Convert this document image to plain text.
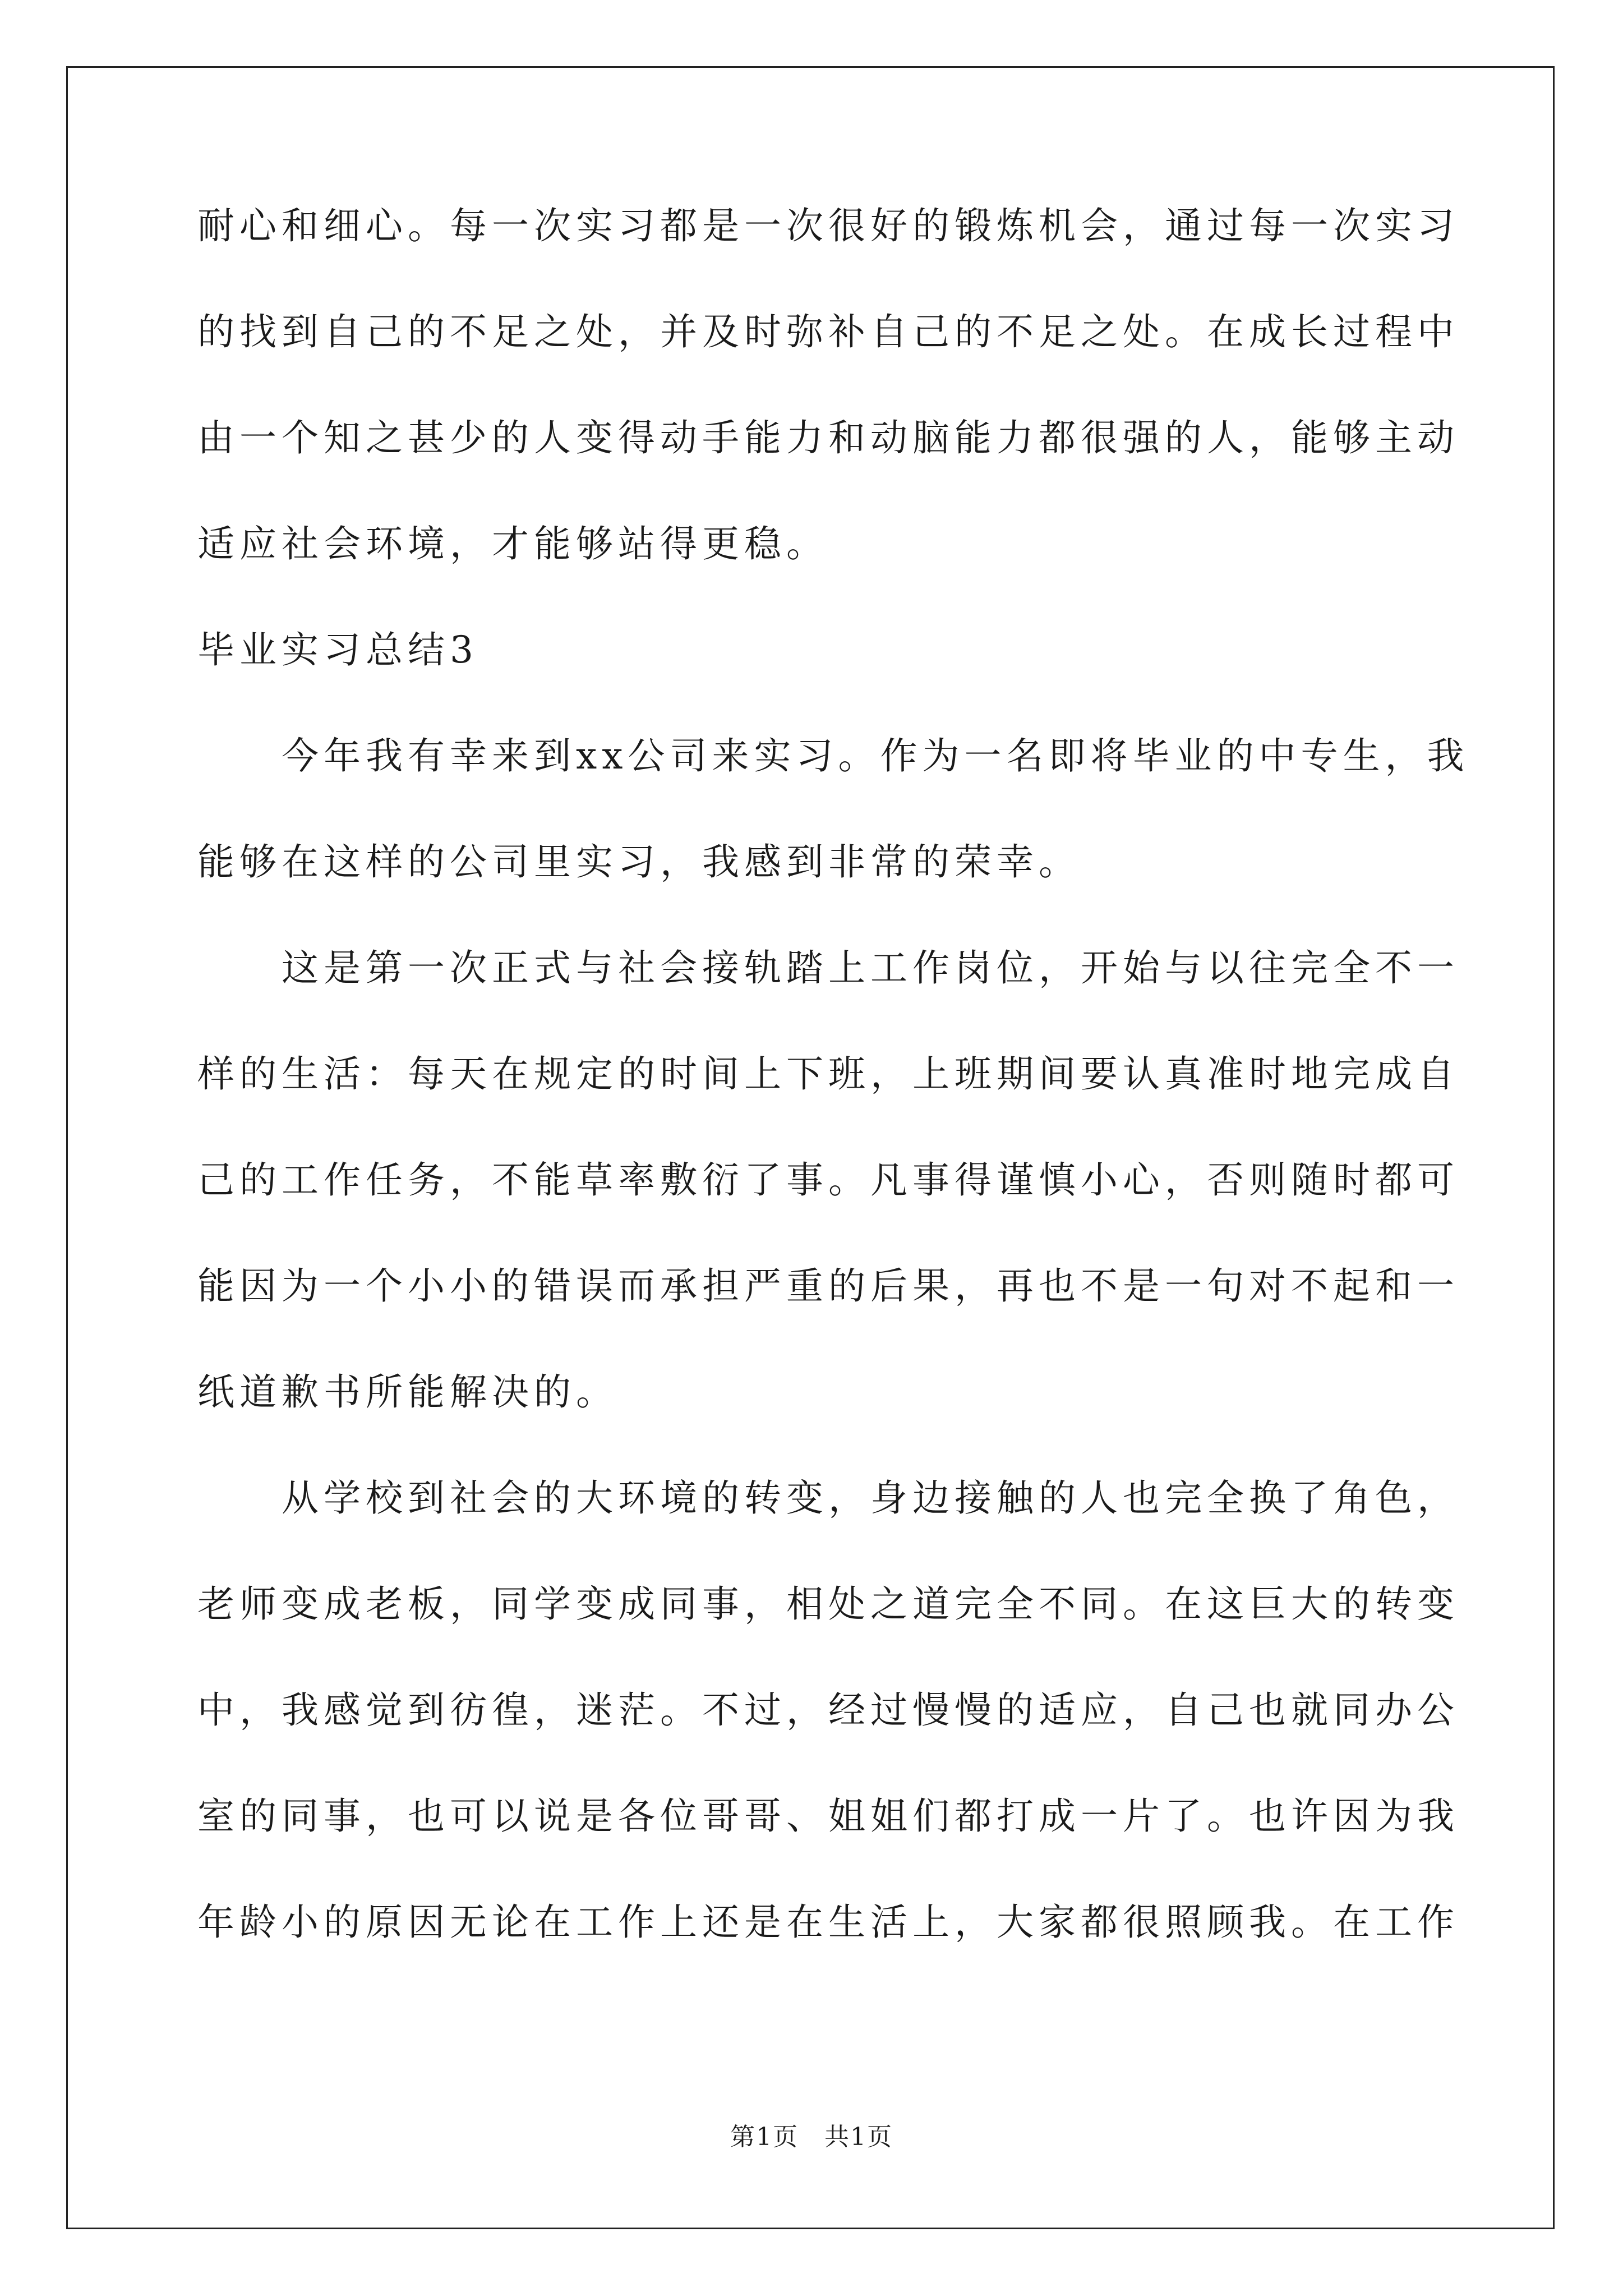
耐心和细心。每一次实习都是一次很好的锻炼机会，通过每一次实习
的找到自己的不足之处，并及时弥补自己的不足之处。在成长过程中
由一个知之甚少的人变得动手能力和动脑能力都很强的人，能够主动
适应社会环境，才能够站得更稳。
毕业实习总结3
今年我有幸来到xx公司来实习。作为一名即将毕业的中专生，我
能够在这样的公司里实习，我感到非常的荣幸。
这是第一次正式与社会接轨踏上工作岗位，开始与以往完全不一
样的生活：每天在规定的时间上下班，上班期间要认真准时地完成自
己的工作任务，不能草率敷衍了事。凡事得谨慎小心，否则随时都可
能因为一个小小的错误而承担严重的后果，再也不是一句对不起和一
纸道歉书所能解决的。
从学校到社会的大环境的转变，身边接触的人也完全换了角色，
老师变成老板，同学变成同事，相处之道完全不同。在这巨大的转变
中，我感觉到彷徨，迷茫。不过，经过慢慢的适应，自己也就同办公
室的同事，也可以说是各位哥哥、姐姐们都打成一片了。也许因为我
年龄小的原因无论在工作上还是在生活上，大家都很照顾我。在工作
第1页　共1页
